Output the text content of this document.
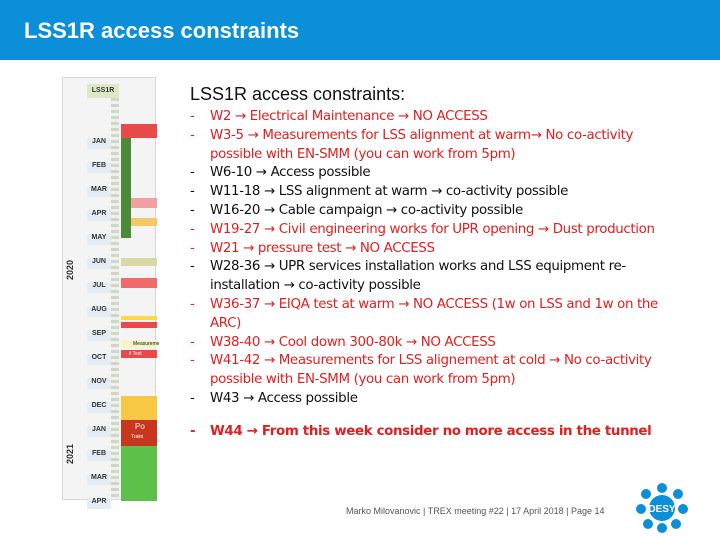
LSS1R access constraints
LSS1R
2020
2021
JAN
FEB
MAR
APR
MAY
JUN
JUL
AUG
SEP
OCT
NOV
DEC
JAN
FEB
MAR
APR
Measureme
il Test
Po
Traini
LSS1R access constraints:
- W2 → Electrical Maintenance → NO ACCESS
- W3-5 → Measurements for LSS alignment at warm→ No co-activity possible with EN-SMM (you can work from 5pm)
- W6-10 → Access possible
- W11-18 → LSS alignment at warm → co-activity possible
- W16-20 → Cable campaign → co-activity possible
- W19-27 → Civil engineering works for UPR opening → Dust production
- W21 → pressure test → NO ACCESS
- W28-36 → UPR services installation works and LSS equipment re-installation → co-activity possible
- W36-37 → EIQA test at warm → NO ACCESS (1w on LSS and 1w on the ARC)
- W38-40 → Cool down 300-80k → NO ACCESS
- W41-42 → Measurements for LSS alignement at cold → No co-activity possible with EN-SMM (you can work from 5pm)
- W43 → Access possible
- W44 → From this week consider no more access in the tunnel
Marko Milovanovic | TREX meeting #22 | 17 April 2018 | Page 14	DESY
